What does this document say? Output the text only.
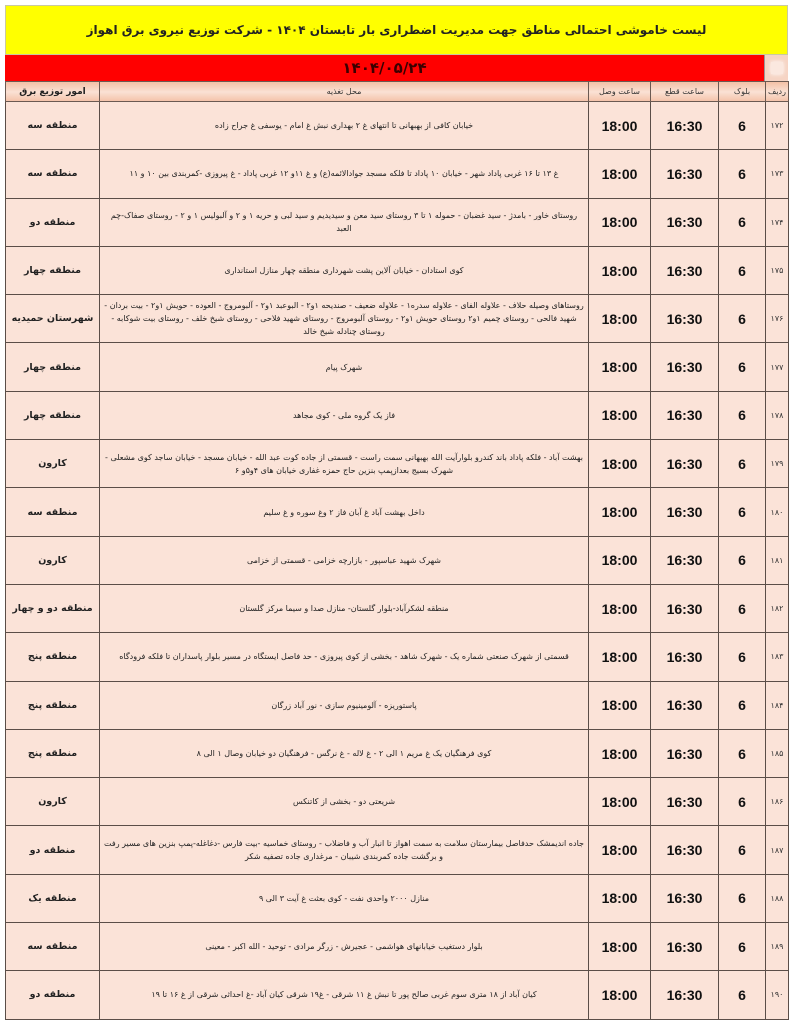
لیست خاموشی احتمالی مناطق جهت مدیریت اضطراری بار تابستان ۱۴۰۴ - شرکت توزیع نیروی برق اهواز
۱۴۰۴/۰۵/۲۴
ردیف	بلوک	ساعت قطع	ساعت وصل	محل تغذیه	امور توزیع برق
۱۷۲	6	16:30	18:00	خیابان کافی از بهبهانی تا انتهای غ ۲ بهداری نبش غ امام - یوسفی غ جراح زاده	منطقه سه
۱۷۳	6	16:30	18:00	غ ۱۳ تا ۱۶ غربی پاداد شهر - خیابان ۱۰ پاداد تا فلکه مسجد جوادالائمه(ع) و غ ۱۱و ۱۲ غربی پاداد - غ پیروزی -کمربندی بین ۱۰ و ۱۱	منطقه سه
۱۷۴	6	16:30	18:00	روستای خاور - بامدژ - سید غضبان - حموله ۱ تا ۳ روستای سید معن و سیدیدیم و سید لبی و حریه ۱ و ۲ و آلبولیس ۱ و ۲ - روستای صفاک-چم العبد	منطقه دو
۱۷۵	6	16:30	18:00	کوی استادان - خیابان آلاین پشت شهرداری منطقه چهار منازل استانداری	منطقه چهار
۱۷۶	6	16:30	18:00	روستاهای وصیله حلاف - علاوله الفای - علاوله سدره۱ - علاوله ضعیف - صندیحه ۱و۲ - البوعبد ۱و۲ - آلبومروج - العوده - حویش ۱و۲ - بیت بردان - شهید فالحی - روستای چمیم ۱و۲ روستای حویش ۱و۲ - روستای آلبومروج - روستای شهید فلاحی - روستای شیخ خلف - روستای بیت شوکابه - روستای چنادله شیخ خالد	شهرستان حمیدیه
۱۷۷	6	16:30	18:00	شهرک پیام	منطقه چهار
۱۷۸	6	16:30	18:00	فاز یک گروه ملی - کوی مجاهد	منطقه چهار
۱۷۹	6	16:30	18:00	بهشت آباد - فلکه پاداد باند کندرو بلوارآیت الله بهبهانی سمت راست - قسمتی از جاده کوت عبد الله - خیابان مسجد - خیابان ساجد کوی مشعلی - شهرک بسیج بعدازپمپ بنزین حاج حمزه غفاری خیابان های ۴و۵و ۶	کارون
۱۸۰	6	16:30	18:00	داخل بهشت آباد غ آبان فاز ۲ وغ سوره و غ سلیم	منطقه سه
۱۸۱	6	16:30	18:00	شهرک شهید عباسپور - بازارچه خزامی - قسمتی از خزامی	کارون
۱۸۲	6	16:30	18:00	منطقه لشکرآباد-بلوار گلستان- منازل صدا و سیما مرکز گلستان	منطقه دو و چهار
۱۸۳	6	16:30	18:00	قسمتی از شهرک صنعتی شماره یک - شهرک شاهد - بخشی از کوی پیروزی - حد فاصل ایستگاه در مسیر بلوار پاسداران تا فلکه فرودگاه	منطقه پنج
۱۸۴	6	16:30	18:00	پاستوریزه - آلومینیوم سازی - نور آباد زرگان	منطقه پنج
۱۸۵	6	16:30	18:00	کوی فرهنگیان یک غ مریم ۱ الی ۲ - غ لاله - غ نرگس - فرهنگیان دو خیابان وصال ۱ الی ۸	منطقه پنج
۱۸۶	6	16:30	18:00	شریعتی دو - بخشی از کاتنکس	کارون
۱۸۷	6	16:30	18:00	جاده اندیمشک حدفاصل بیمارستان سلامت به سمت اهواز تا انبار آب و فاضلاب - روستای خماسیه -بیت فارس -دغاغله-پمپ بنزین های مسیر رفت و برگشت جاده کمربندی شیبان - مرغداری جاده تصفیه شکر	منطقه دو
۱۸۸	6	16:30	18:00	منازل ۲۰۰۰ واحدی نفت - کوی بعثت غ آیت ۳ الی ۹	منطقه یک
۱۸۹	6	16:30	18:00	بلوار دستغیب خیابانهای هواشمی - عجیرش - زرگر مرادی - توحید - الله اکبر - معینی	منطقه سه
۱۹۰	6	16:30	18:00	کیان آباد از ۱۸ متری سوم غربی صالح پور تا نبش غ ۱۱ شرقی - غ۱۹ شرقی کیان آباد -غ احداثی شرقی از غ ۱۶ تا ۱۹	منطقه دو
